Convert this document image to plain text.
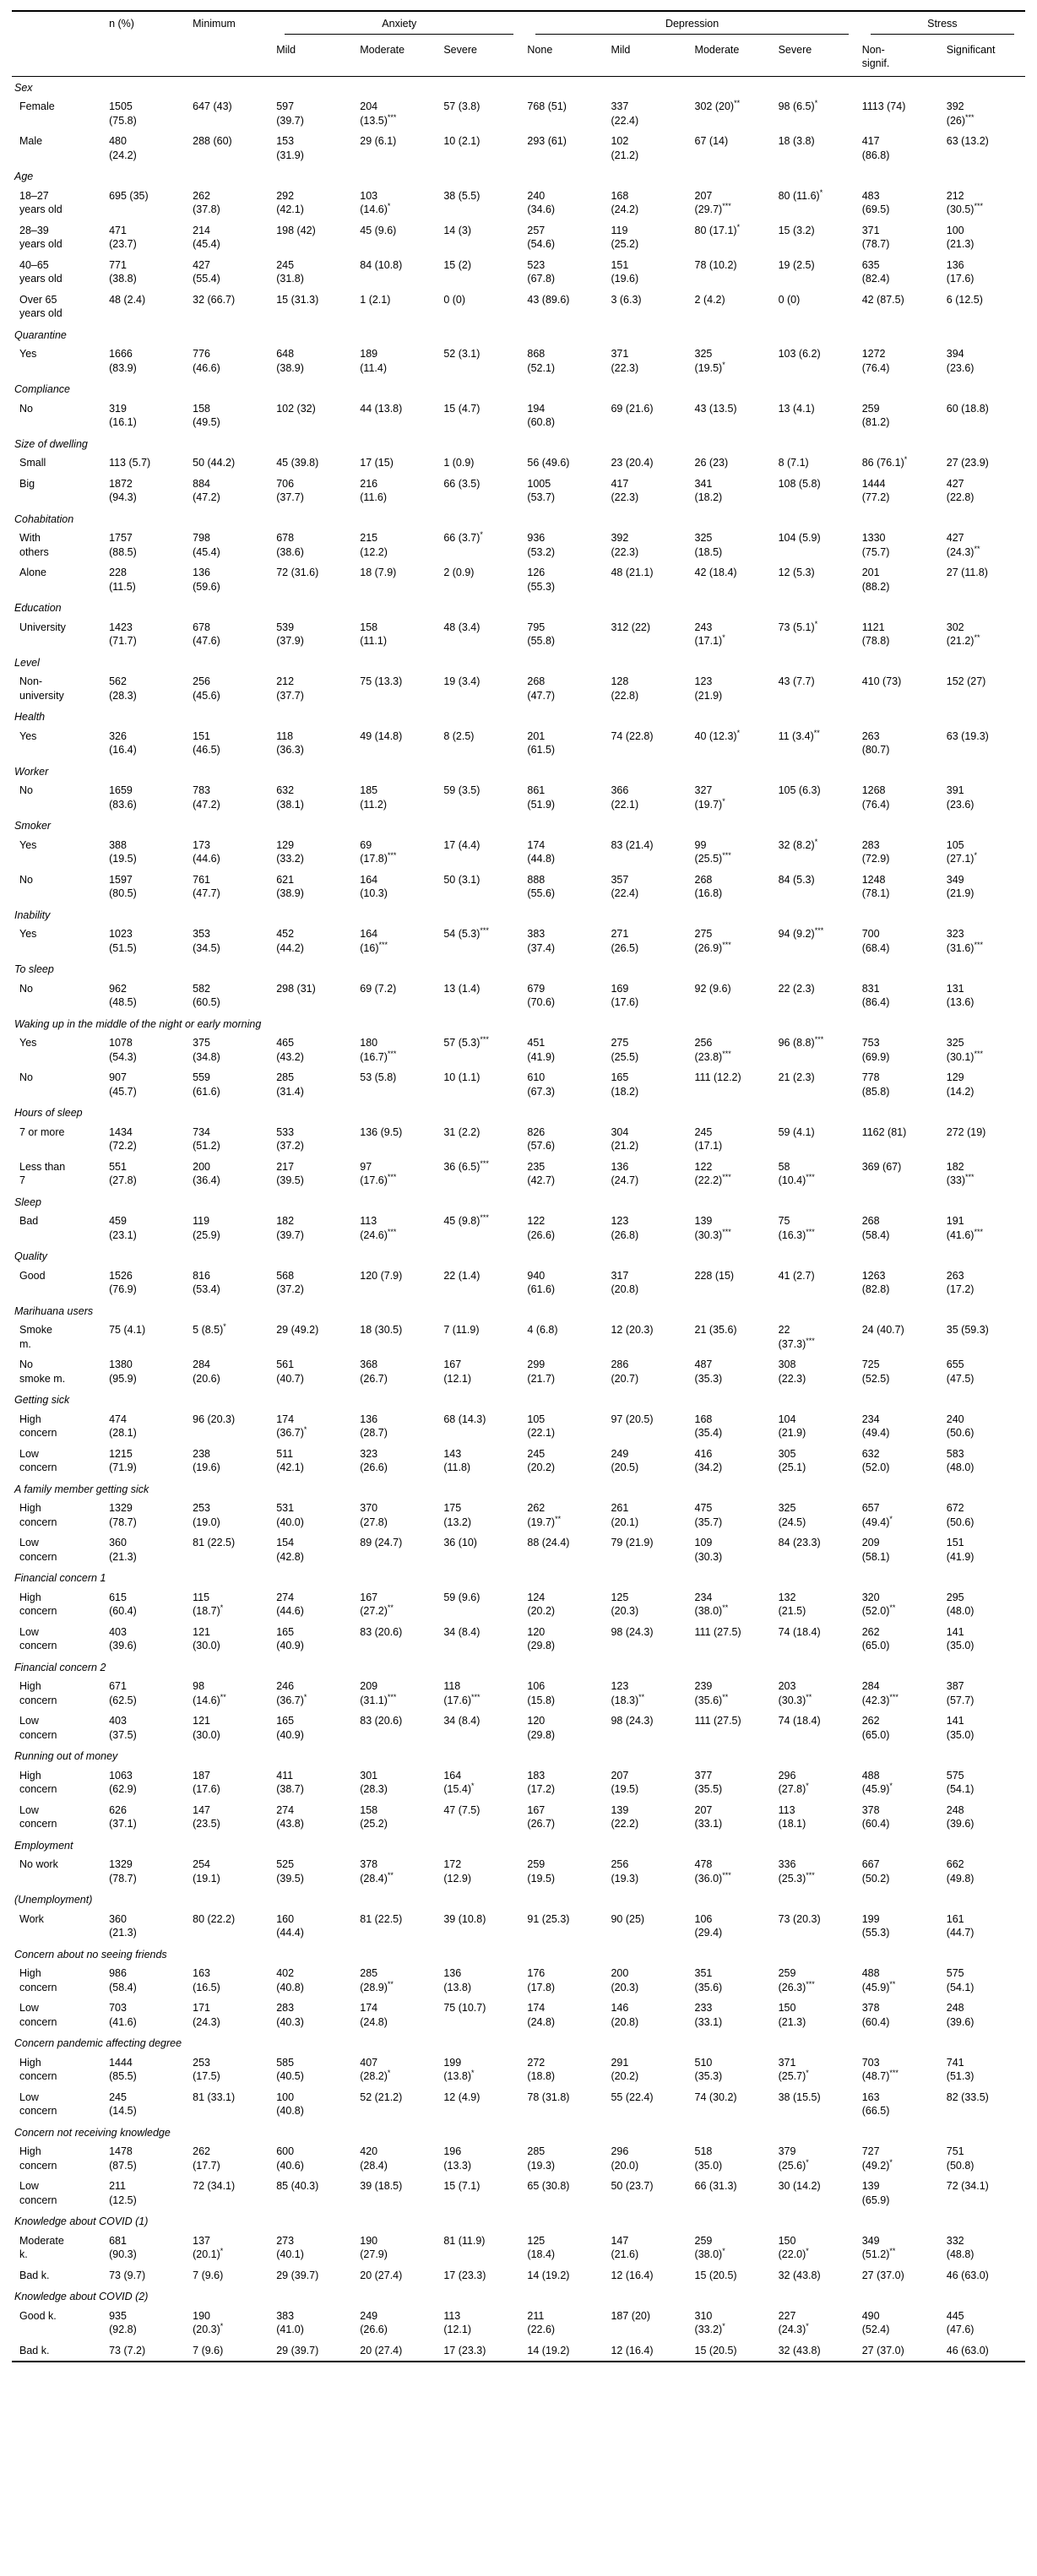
	n (%)	Minimum	Anxiety			Depression				Stress	

			Mild	Moderate	Severe	None	Mild	Moderate	Severe	Non-signif.	Significant

Sex											

Female	1505 (75.8)	647 (43)	597 (39.7)	204 (13.5)***	57 (3.8)	768 (51)	337 (22.4)	302 (20)**	98 (6.5)*	1113 (74)	392 (26)***

Male	480 (24.2)	288 (60)	153 (31.9)	29 (6.1)	10 (2.1)	293 (61)	102 (21.2)	67 (14)	18 (3.8)	417 (86.8)	63 (13.2)

Age											

18–27 years old	695 (35)	262 (37.8)	292 (42.1)	103 (14.6)*	38 (5.5)	240 (34.6)	168 (24.2)	207 (29.7)***	80 (11.6)*	483 (69.5)	212 (30.5)***

28–39 years old	471 (23.7)	214 (45.4)	198 (42)	45 (9.6)	14 (3)	257 (54.6)	119 (25.2)	80 (17.1)*	15 (3.2)	371 (78.7)	100 (21.3)

40–65 years old	771 (38.8)	427 (55.4)	245 (31.8)	84 (10.8)	15 (2)	523 (67.8)	151 (19.6)	78 (10.2)	19 (2.5)	635 (82.4)	136 (17.6)

Over 65 years old	48 (2.4)	32 (66.7)	15 (31.3)	1 (2.1)	0 (0)	43 (89.6)	3 (6.3)	2 (4.2)	0 (0)	42 (87.5)	6 (12.5)

Quarantine											

Yes	1666 (83.9)	776 (46.6)	648 (38.9)	189 (11.4)	52 (3.1)	868 (52.1)	371 (22.3)	325 (19.5)*	103 (6.2)	1272 (76.4)	394 (23.6)

Compliance											

No	319 (16.1)	158 (49.5)	102 (32)	44 (13.8)	15 (4.7)	194 (60.8)	69 (21.6)	43 (13.5)	13 (4.1)	259 (81.2)	60 (18.8)

Size of dwelling											

Small	113 (5.7)	50 (44.2)	45 (39.8)	17 (15)	1 (0.9)	56 (49.6)	23 (20.4)	26 (23)	8 (7.1)	86 (76.1)*	27 (23.9)

Big	1872 (94.3)	884 (47.2)	706 (37.7)	216 (11.6)	66 (3.5)	1005 (53.7)	417 (22.3)	341 (18.2)	108 (5.8)	1444 (77.2)	427 (22.8)

Cohabitation											

With others	1757 (88.5)	798 (45.4)	678 (38.6)	215 (12.2)	66 (3.7)*	936 (53.2)	392 (22.3)	325 (18.5)	104 (5.9)	1330 (75.7)	427 (24.3)**

Alone	228 (11.5)	136 (59.6)	72 (31.6)	18 (7.9)	2 (0.9)	126 (55.3)	48 (21.1)	42 (18.4)	12 (5.3)	201 (88.2)	27 (11.8)

Education											

University	1423 (71.7)	678 (47.6)	539 (37.9)	158 (11.1)	48 (3.4)	795 (55.8)	312 (22)	243 (17.1)*	73 (5.1)*	1121 (78.8)	302 (21.2)**

Level											

Non-university	562 (28.3)	256 (45.6)	212 (37.7)	75 (13.3)	19 (3.4)	268 (47.7)	128 (22.8)	123 (21.9)	43 (7.7)	410 (73)	152 (27)

Health											

Yes	326 (16.4)	151 (46.5)	118 (36.3)	49 (14.8)	8 (2.5)	201 (61.5)	74 (22.8)	40 (12.3)*	11 (3.4)**	263 (80.7)	63 (19.3)

Worker											

No	1659 (83.6)	783 (47.2)	632 (38.1)	185 (11.2)	59 (3.5)	861 (51.9)	366 (22.1)	327 (19.7)*	105 (6.3)	1268 (76.4)	391 (23.6)

Smoker											

Yes	388 (19.5)	173 (44.6)	129 (33.2)	69 (17.8)***	17 (4.4)	174 (44.8)	83 (21.4)	99 (25.5)***	32 (8.2)*	283 (72.9)	105 (27.1)*

No	1597 (80.5)	761 (47.7)	621 (38.9)	164 (10.3)	50 (3.1)	888 (55.6)	357 (22.4)	268 (16.8)	84 (5.3)	1248 (78.1)	349 (21.9)

Inability											

Yes	1023 (51.5)	353 (34.5)	452 (44.2)	164 (16)***	54 (5.3)***	383 (37.4)	271 (26.5)	275 (26.9)***	94 (9.2)***	700 (68.4)	323 (31.6)***

To sleep											

No	962 (48.5)	582 (60.5)	298 (31)	69 (7.2)	13 (1.4)	679 (70.6)	169 (17.6)	92 (9.6)	22 (2.3)	831 (86.4)	131 (13.6)

Waking up in the middle of the night or early morning											

Yes	1078 (54.3)	375 (34.8)	465 (43.2)	180 (16.7)***	57 (5.3)***	451 (41.9)	275 (25.5)	256 (23.8)***	96 (8.8)***	753 (69.9)	325 (30.1)***

No	907 (45.7)	559 (61.6)	285 (31.4)	53 (5.8)	10 (1.1)	610 (67.3)	165 (18.2)	111 (12.2)	21 (2.3)	778 (85.8)	129 (14.2)

Hours of sleep											

7 or more	1434 (72.2)	734 (51.2)	533 (37.2)	136 (9.5)	31 (2.2)	826 (57.6)	304 (21.2)	245 (17.1)	59 (4.1)	1162 (81)	272 (19)

Less than 7	551 (27.8)	200 (36.4)	217 (39.5)	97 (17.6)***	36 (6.5)***	235 (42.7)	136 (24.7)	122 (22.2)***	58 (10.4)***	369 (67)	182 (33)***

Sleep											

Bad	459 (23.1)	119 (25.9)	182 (39.7)	113 (24.6)***	45 (9.8)***	122 (26.6)	123 (26.8)	139 (30.3)***	75 (16.3)***	268 (58.4)	191 (41.6)***

Quality											

Good	1526 (76.9)	816 (53.4)	568 (37.2)	120 (7.9)	22 (1.4)	940 (61.6)	317 (20.8)	228 (15)	41 (2.7)	1263 (82.8)	263 (17.2)

Marihuana users											

Smoke m.	75 (4.1)	5 (8.5)*	29 (49.2)	18 (30.5)	7 (11.9)	4 (6.8)	12 (20.3)	21 (35.6)	22 (37.3)***	24 (40.7)	35 (59.3)

No smoke m.	1380 (95.9)	284 (20.6)	561 (40.7)	368 (26.7)	167 (12.1)	299 (21.7)	286 (20.7)	487 (35.3)	308 (22.3)	725 (52.5)	655 (47.5)

Getting sick											

High concern	474 (28.1)	96 (20.3)	174 (36.7)*	136 (28.7)	68 (14.3)	105 (22.1)	97 (20.5)	168 (35.4)	104 (21.9)	234 (49.4)	240 (50.6)

Low concern	1215 (71.9)	238 (19.6)	511 (42.1)	323 (26.6)	143 (11.8)	245 (20.2)	249 (20.5)	416 (34.2)	305 (25.1)	632 (52.0)	583 (48.0)

A family member getting sick											

High concern	1329 (78.7)	253 (19.0)	531 (40.0)	370 (27.8)	175 (13.2)	262 (19.7)**	261 (20.1)	475 (35.7)	325 (24.5)	657 (49.4)*	672 (50.6)

Low concern	360 (21.3)	81 (22.5)	154 (42.8)	89 (24.7)	36 (10)	88 (24.4)	79 (21.9)	109 (30.3)	84 (23.3)	209 (58.1)	151 (41.9)

Financial concern 1											

High concern	615 (60.4)	115 (18.7)*	274 (44.6)	167 (27.2)**	59 (9.6)	124 (20.2)	125 (20.3)	234 (38.0)**	132 (21.5)	320 (52.0)**	295 (48.0)

Low concern	403 (39.6)	121 (30.0)	165 (40.9)	83 (20.6)	34 (8.4)	120 (29.8)	98 (24.3)	111 (27.5)	74 (18.4)	262 (65.0)	141 (35.0)

Financial concern 2											

High concern	671 (62.5)	98 (14.6)**	246 (36.7)*	209 (31.1)***	118 (17.6)***	106 (15.8)	123 (18.3)**	239 (35.6)**	203 (30.3)**	284 (42.3)***	387 (57.7)

Low concern	403 (37.5)	121 (30.0)	165 (40.9)	83 (20.6)	34 (8.4)	120 (29.8)	98 (24.3)	111 (27.5)	74 (18.4)	262 (65.0)	141 (35.0)

Running out of money											

High concern	1063 (62.9)	187 (17.6)	411 (38.7)	301 (28.3)	164 (15.4)*	183 (17.2)	207 (19.5)	377 (35.5)	296 (27.8)*	488 (45.9)*	575 (54.1)

Low concern	626 (37.1)	147 (23.5)	274 (43.8)	158 (25.2)	47 (7.5)	167 (26.7)	139 (22.2)	207 (33.1)	113 (18.1)	378 (60.4)	248 (39.6)

Employment											

No work	1329 (78.7)	254 (19.1)	525 (39.5)	378 (28.4)**	172 (12.9)	259 (19.5)	256 (19.3)	478 (36.0)***	336 (25.3)***	667 (50.2)	662 (49.8)

(Unemployment)											

Work	360 (21.3)	80 (22.2)	160 (44.4)	81 (22.5)	39 (10.8)	91 (25.3)	90 (25)	106 (29.4)	73 (20.3)	199 (55.3)	161 (44.7)

Concern about no seeing friends											

High concern	986 (58.4)	163 (16.5)	402 (40.8)	285 (28.9)**	136 (13.8)	176 (17.8)	200 (20.3)	351 (35.6)	259 (26.3)***	488 (45.9)**	575 (54.1)

Low concern	703 (41.6)	171 (24.3)	283 (40.3)	174 (24.8)	75 (10.7)	174 (24.8)	146 (20.8)	233 (33.1)	150 (21.3)	378 (60.4)	248 (39.6)

Concern pandemic affecting degree											

High concern	1444 (85.5)	253 (17.5)	585 (40.5)	407 (28.2)*	199 (13.8)*	272 (18.8)	291 (20.2)	510 (35.3)	371 (25.7)*	703 (48.7)***	741 (51.3)

Low concern	245 (14.5)	81 (33.1)	100 (40.8)	52 (21.2)	12 (4.9)	78 (31.8)	55 (22.4)	74 (30.2)	38 (15.5)	163 (66.5)	82 (33.5)

Concern not receiving knowledge											

High concern	1478 (87.5)	262 (17.7)	600 (40.6)	420 (28.4)	196 (13.3)	285 (19.3)	296 (20.0)	518 (35.0)	379 (25.6)*	727 (49.2)*	751 (50.8)

Low concern	211 (12.5)	72 (34.1)	85 (40.3)	39 (18.5)	15 (7.1)	65 (30.8)	50 (23.7)	66 (31.3)	30 (14.2)	139 (65.9)	72 (34.1)

Knowledge about COVID (1)											

Moderate k.	681 (90.3)	137 (20.1)*	273 (40.1)	190 (27.9)	81 (11.9)	125 (18.4)	147 (21.6)	259 (38.0)*	150 (22.0)*	349 (51.2)**	332 (48.8)

Bad k.	73 (9.7)	7 (9.6)	29 (39.7)	20 (27.4)	17 (23.3)	14 (19.2)	12 (16.4)	15 (20.5)	32 (43.8)	27 (37.0)	46 (63.0)

Knowledge about COVID (2)											

Good k.	935 (92.8)	190 (20.3)*	383 (41.0)	249 (26.6)	113 (12.1)	211 (22.6)	187 (20)	310 (33.2)*	227 (24.3)*	490 (52.4)	445 (47.6)

Bad k.	73 (7.2)	7 (9.6)	29 (39.7)	20 (27.4)	17 (23.3)	14 (19.2)	12 (16.4)	15 (20.5)	32 (43.8)	27 (37.0)	46 (63.0)
